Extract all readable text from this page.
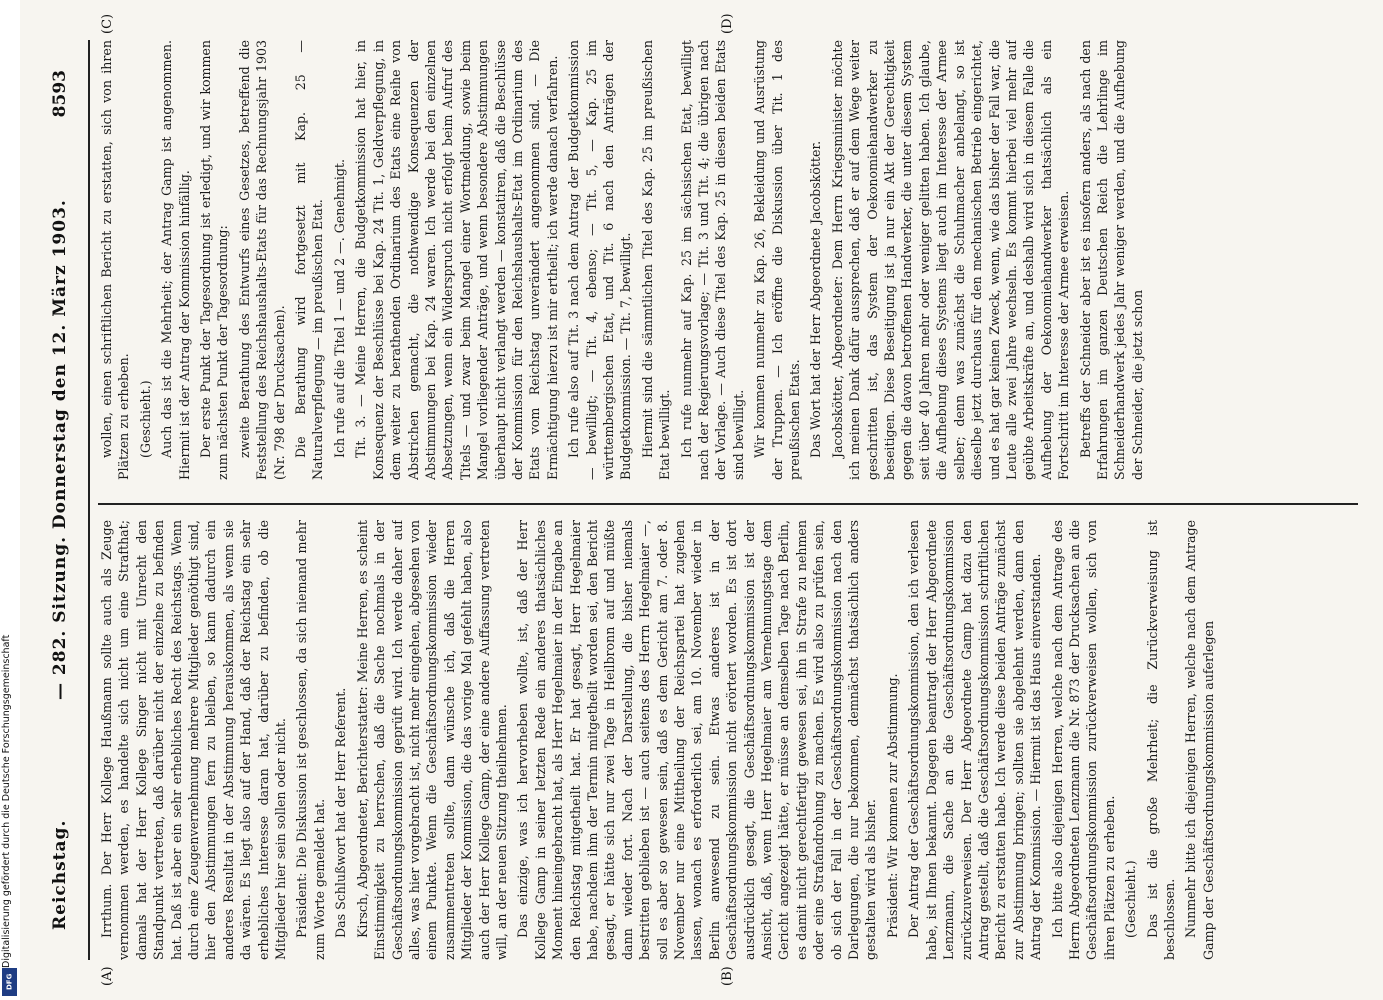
Digitalisierung gefördert durch die Deutsche Forschungsgemeinschaft
DFG
Reichstag.
— 282. Sitzung. Donnerstag den 12. März 1903.
8593
(A)	(B)
(C)	(D)

Irrthum. Der Herr Kollege Haußmann sollte auch als Zeuge vernommen werden, es handelte sich nicht um eine Strafthat; damals hat der Herr Kollege Singer nicht mit Unrecht den Standpunkt vertreten, daß darüber nicht der einzelne zu befinden hat. Daß ist aber ein sehr erhebliches Recht des Reichstags. Wenn durch eine Zeugenvernehmung mehrere Mitglieder genöthigt sind, hier den Abstimmungen fern zu bleiben, so kann dadurch ein anderes Resultat in der Abstimmung herauskommen, als wenn sie da wären. Es liegt also auf der Hand, daß der Reichstag ein sehr erhebliches Interesse daran hat, darüber zu befinden, ob die Mitglieder hier sein sollen oder nicht. Präsident: Die Diskussion ist geschlossen, da sich niemand mehr zum Worte gemeldet hat. Das Schlußwort hat der Herr Referent. Kirsch, Abgeordneter, Berichterstatter: Meine Herren, es scheint Einstimmigkeit zu herrschen, daß die Sache nochmals in der Geschäftsordnungskommission geprüft wird. Ich werde daher auf alles, was hier vorgebracht ist, nicht mehr eingehen, abgesehen von einem Punkte. Wenn die Geschäftsordnungskommission wieder zusammentreten sollte, dann wünsche ich, daß die Herren Mitglieder der Kommission, die das vorige Mal gefehlt haben, also auch der Herr Kollege Gamp, der eine andere Auffassung vertreten will, an der neuen Sitzung theilnehmen. Das einzige, was ich hervorheben wollte, ist, daß der Herr Kollege Gamp in seiner letzten Rede ein anderes thatsächliches Moment hineingebracht hat, als Herr Hegelmaier in der Eingabe an den Reichstag mitgetheilt hat. Er hat gesagt, Herr Hegelmaier habe, nachdem ihm der Termin mitgetheilt worden sei, den Bericht gesagt, er hätte sich nur zwei Tage in Heilbronn auf und müßte dann wieder fort. Nach der Darstellung, die bisher niemals bestritten geblieben ist — auch seitens des Herrn Hegelmaier —, soll es aber so gewesen sein, daß es dem Gericht am 7. oder 8. November nur eine Mittheilung der Reichspartei hat zugehen lassen, wonach es erforderlich sei, am 10. November wieder in Berlin anwesend zu sein. Etwas anderes ist in der Geschäftsordnungskommission nicht erörtert worden. Es ist dort ausdrücklich gesagt, die Geschäftsordnungskommission ist der Ansicht, daß, wenn Herr Hegelmaier am Vernehmungstage dem Gericht angezeigt hätte, er müsse an demselben Tage nach Berlin, es damit nicht gerechtfertigt gewesen sei, ihn in Strafe zu nehmen oder eine Strafandrohung zu machen. Es wird also zu prüfen sein, ob sich der Fall in der Geschäftsordnungskommission nach den Darlegungen, die nur bekommen, demnächst thatsächlich anders gestalten wird als bisher. Präsident: Wir kommen zur Abstimmung. Der Antrag der Geschäftsordnungskommission, den ich verlesen habe, ist Ihnen bekannt. Dagegen beantragt der Herr Abgeordnete Lenzmann, die Sache an die Geschäftsordnungskommission zurückzuverweisen. Der Herr Abgeordnete Gamp hat dazu den Antrag gestellt, daß die Geschäftsordnungskommission schriftlichen Bericht zu erstatten habe. Ich werde diese beiden Anträge zunächst zur Abstimmung bringen; sollten sie abgelehnt werden, dann den Antrag der Kommission. — Hiermit ist das Haus einverstanden. Ich bitte also diejenigen Herren, welche nach dem Antrage des Herrn Abgeordneten Lenzmann die Nr. 873 der Drucksachen an die Geschäftsordnungskommission zurückverweisen wollen, sich von ihren Plätzen zu erheben. (Geschieht.) Das ist die große Mehrheit; die Zurückverweisung ist beschlossen. Nunmehr bitte ich diejenigen Herren, welche nach dem Antrage Gamp der Geschäftsordnungskommission auferlegen

wollen, einen schriftlichen Bericht zu erstatten, sich von ihren Plätzen zu erheben. (Geschieht.) Auch das ist die Mehrheit; der Antrag Gamp ist angenommen. Hiermit ist der Antrag der Kommission hinfällig. Der erste Punkt der Tagesordnung ist erledigt, und wir kommen zum nächsten Punkt der Tagesordnung: zweite Berathung des Entwurfs eines Gesetzes, betreffend die Feststellung des Reichshaushalts-Etats für das Rechnungsjahr 1903 (Nr. 798 der Drucksachen). Die Berathung wird fortgesetzt mit Kap. 25 — Naturalverpflegung — im preußischen Etat. Ich rufe auf die Titel 1 — und 2 —. Genehmigt. Tit. 3. — Meine Herren, die Budgetkommission hat hier, in Konsequenz der Beschlüsse bei Kap. 24 Tit. 1, Geldverpflegung, in dem weiter zu berathenden Ordinarium des Etats eine Reihe von Abstrichen gemacht, die nothwendige Konsequenzen der Abstimmungen bei Kap. 24 waren. Ich werde bei den einzelnen Absetzungen, wenn ein Widerspruch nicht erfolgt beim Aufruf des Titels — und zwar beim Mangel einer Wortmeldung, sowie beim Mangel vorliegender Anträge, und wenn besondere Abstimmungen überhaupt nicht verlangt werden — konstatiren, daß die Beschlüsse der Kommission für den Reichshaushalts-Etat im Ordinarium des Etats vom Reichstag unverändert angenommen sind. — Die Ermächtigung hierzu ist mir ertheilt; ich werde danach verfahren. Ich rufe also auf Tit. 3 nach dem Antrag der Budgetkommission — bewilligt; — Tit. 4, ebenso; — Tit. 5, — Kap. 25 im württembergischen Etat, und Tit. 6 nach den Anträgen der Budgetkommission. — Tit. 7, bewilligt. Hiermit sind die sämmtlichen Titel des Kap. 25 im preußischen Etat bewilligt. Ich rufe nunmehr auf Kap. 25 im sächsischen Etat, bewilligt nach der Regierungsvorlage; — Tit. 3 und Tit. 4; die übrigen nach der Vorlage. — Auch diese Titel des Kap. 25 in diesen beiden Etats sind bewilligt. Wir kommen nunmehr zu Kap. 26, Bekleidung und Ausrüstung der Truppen. — Ich eröffne die Diskussion über Tit. 1 des preußischen Etats. Das Wort hat der Herr Abgeordnete Jacobskötter. Jacobskötter, Abgeordneter: Dem Herrn Kriegsminister möchte ich meinen Dank dafür aussprechen, daß er auf dem Wege weiter geschritten ist, das System der Oekonomiehandwerker zu beseitigen. Diese Beseitigung ist ja nur ein Akt der Gerechtigkeit gegen die davon betroffenen Handwerker, die unter diesem System seit über 40 Jahren mehr oder weniger gelitten haben. Ich glaube, die Aufhebung dieses Systems liegt auch im Interesse der Armee selber; denn was zunächst die Schuhmacher anbelangt, so ist dieselbe jetzt durchaus für den mechanischen Betrieb eingerichtet, und es hat gar keinen Zweck, wenn, wie das bisher der Fall war, die Leute alle zwei Jahre wechseln. Es kommt hierbei viel mehr auf geübte Arbeitskräfte an, und deshalb wird sich in diesem Falle die Aufhebung der Oekonomiehandwerker thatsächlich als ein Fortschritt im Interesse der Armee erweisen. Betreffs der Schneider aber ist es insofern anders, als nach den Erfahrungen im ganzen Deutschen Reich die Lehrlinge im Schneiderhandwerk jedes Jahr weniger werden, und die Aufhebung der Schneider, die jetzt schon
